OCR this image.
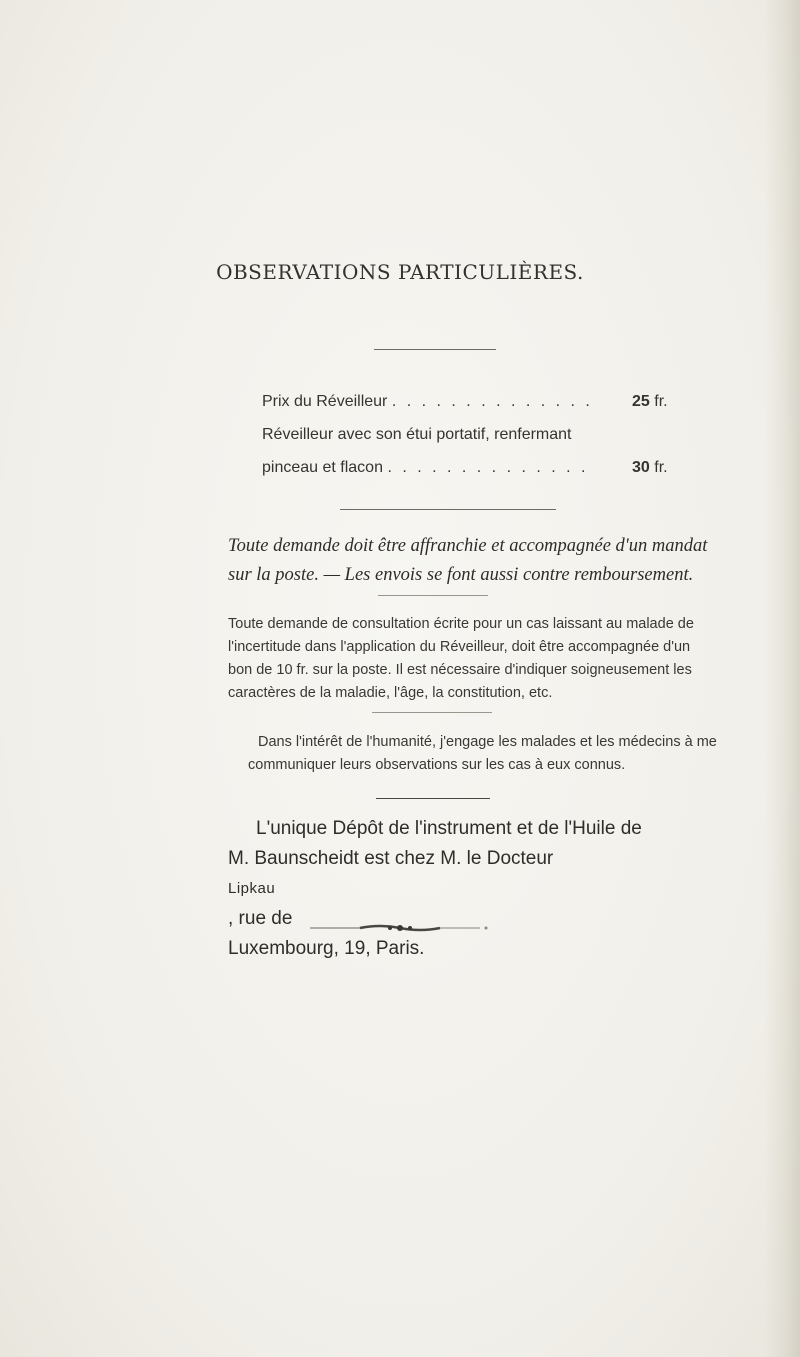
OBSERVATIONS PARTICULIÈRES.
Prix du Réveilleur . . . . . . . . . . . . . . 25 fr.
Réveilleur avec son étui portatif, renfermant
pinceau et flacon . . . . . . . . . . . . . .	30 fr.
Toute demande doit être affranchie et accompagnée d'un mandat
sur la poste. — Les envois se font aussi contre remboursement.
Toute demande de consultation écrite pour un cas laissant au malade de
l'incertitude dans l'application du Réveilleur, doit être accompagnée d'un
bon de 10 fr. sur la poste. Il est nécessaire d'indiquer soigneusement les
caractères de la maladie, l'âge, la constitution, etc.
Dans l'intérêt de l'humanité, j'engage les malades et les médecins à me
communiquer leurs observations sur les cas à eux connus.
L'unique Dépôt de l'instrument et de l'Huile de
M. Baunscheidt est chez M. le Docteur
Lipkau
, rue de
Luxembourg, 19, Paris.
